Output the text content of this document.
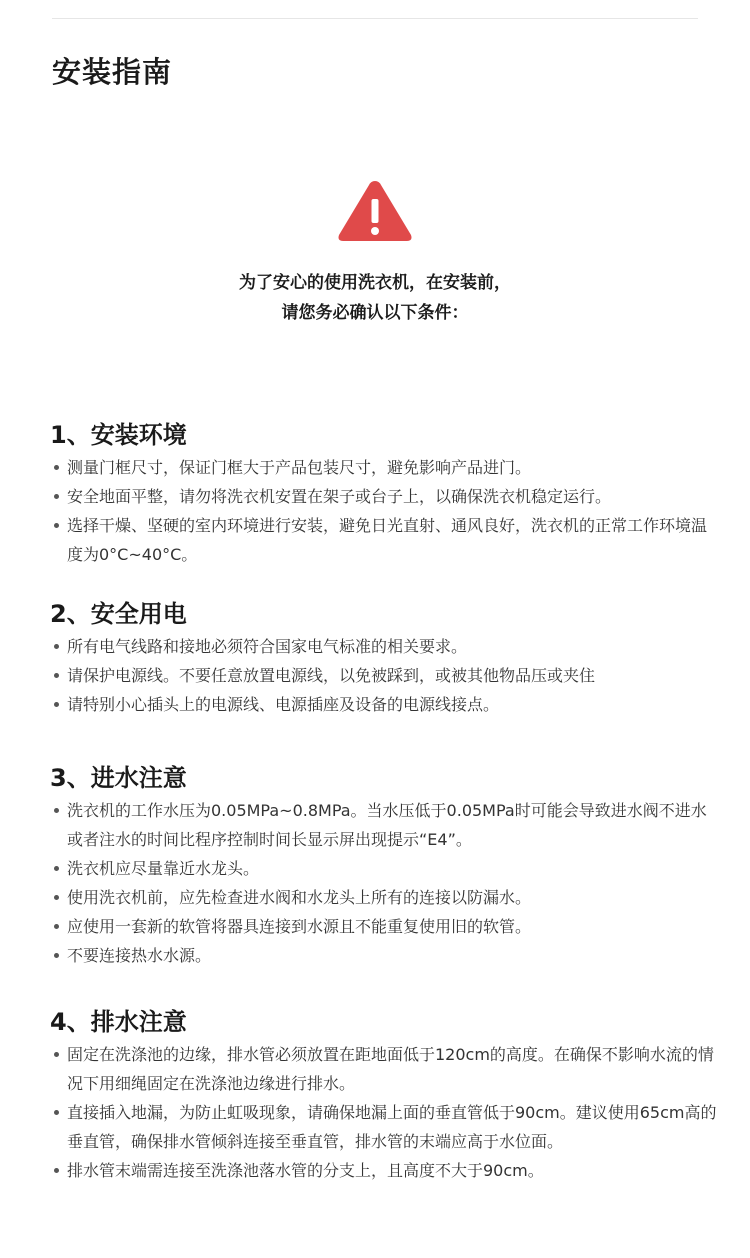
安装指南
为了安心的使用洗衣机，在安装前，
请您务必确认以下条件：
1、安装环境
测量门框尺寸，保证门框大于产品包装尺寸，避免影响产品进门。
安全地面平整，请勿将洗衣机安置在架子或台子上，以确保洗衣机稳定运行。
选择干燥、坚硬的室内环境进行安装，避免日光直射、通风良好，洗衣机的正常工作环境温度为0°C~40°C。
2、安全用电
所有电气线路和接地必须符合国家电气标准的相关要求。
请保护电源线。不要任意放置电源线，以免被踩到，或被其他物品压或夹住
请特别小心插头上的电源线、电源插座及设备的电源线接点。
3、进水注意
洗衣机的工作水压为0.05MPa~0.8MPa。当水压低于0.05MPa时可能会导致进水阀不进水或者注水的时间比程序控制时间长显示屏出现提示“E4”。
洗衣机应尽量靠近水龙头。
使用洗衣机前，应先检查进水阀和水龙头上所有的连接以防漏水。
应使用一套新的软管将器具连接到水源且不能重复使用旧的软管。
不要连接热水水源。
4、排水注意
固定在洗涤池的边缘，排水管必须放置在距地面低于120cm的高度。在确保不影响水流的情况下用细绳固定在洗涤池边缘进行排水。
直接插入地漏，为防止虹吸现象，请确保地漏上面的垂直管低于90cm。建议使用65cm高的垂直管，确保排水管倾斜连接至垂直管，排水管的末端应高于水位面。
排水管末端需连接至洗涤池落水管的分支上，且高度不大于90cm。
